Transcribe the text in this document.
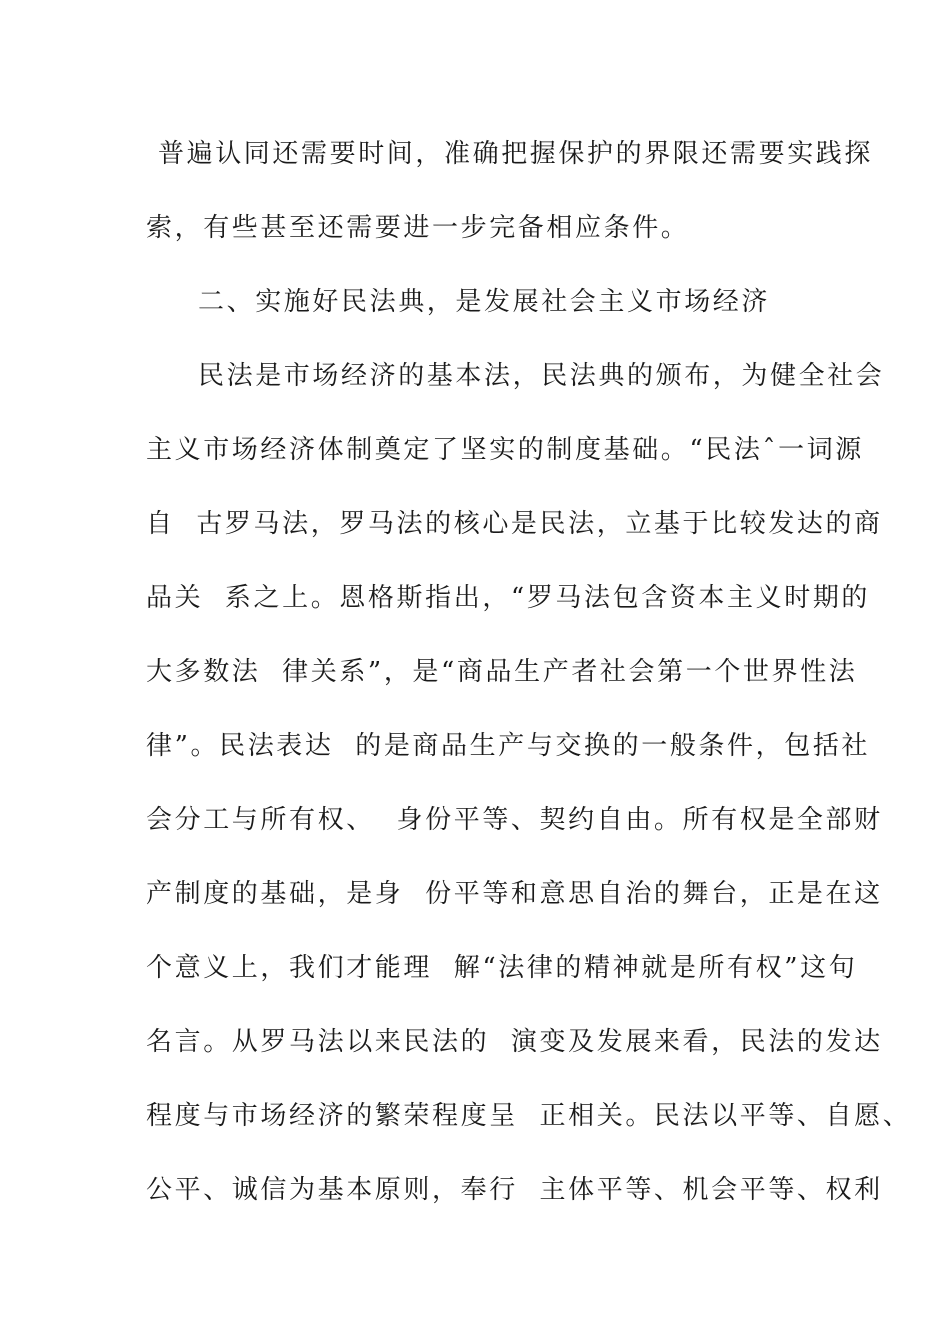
普遍认同还需要时间，准确把握保护的界限还需要实践探
索，有些甚至还需要进一步完备相应条件。
二、实施好民法典，是发展社会主义市场经济
民法是市场经济的基本法，民法典的颁布，为健全社会
主义市场经济体制奠定了坚实的制度基础。“民法ˆ一词源
自  古罗马法，罗马法的核心是民法，立基于比较发达的商
品关  系之上。恩格斯指出，“罗马法包含资本主义时期的
大多数法  律关系”，是“商品生产者社会第一个世界性法
律”。民法表达  的是商品生产与交换的一般条件，包括社
会分工与所有权、  身份平等、契约自由。所有权是全部财
产制度的基础，是身  份平等和意思自治的舞台，正是在这
个意义上，我们才能理  解“法律的精神就是所有权”这句
名言。从罗马法以来民法的  演变及发展来看，民法的发达
程度与市场经济的繁荣程度呈  正相关。民法以平等、自愿、
公平、诚信为基本原则，奉行  主体平等、机会平等、权利
